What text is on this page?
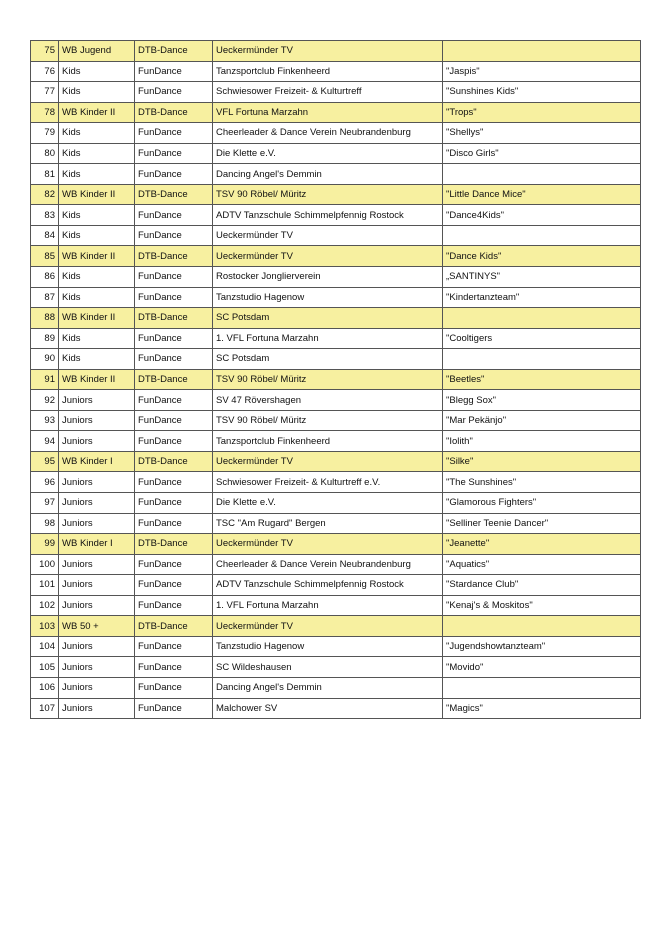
75	WB Jugend	DTB-Dance	Ueckermünder TV	
76	Kids	FunDance	Tanzsportclub Finkenheerd	"Jaspis"
77	Kids	FunDance	Schwiesower Freizeit- & Kulturtreff	"Sunshines Kids"
78	WB Kinder II	DTB-Dance	VFL Fortuna Marzahn	"Trops"
79	Kids	FunDance	Cheerleader & Dance Verein Neubrandenburg	"Shellys"
80	Kids	FunDance	Die Klette e.V.	"Disco Girls"
81	Kids	FunDance	Dancing Angel's Demmin	
82	WB Kinder II	DTB-Dance	TSV 90 Röbel/ Müritz	"Little Dance Mice"
83	Kids	FunDance	ADTV Tanzschule Schimmelpfennig Rostock	"Dance4Kids"
84	Kids	FunDance	Ueckermünder TV	
85	WB Kinder II	DTB-Dance	Ueckermünder TV	"Dance Kids"
86	Kids	FunDance	Rostocker Jonglierverein	„SANTINYS"
87	Kids	FunDance	Tanzstudio Hagenow	"Kindertanzteam"
88	WB Kinder II	DTB-Dance	SC Potsdam	
89	Kids	FunDance	1. VFL Fortuna Marzahn	"Cooltigers
90	Kids	FunDance	SC Potsdam	
91	WB Kinder II	DTB-Dance	TSV 90 Röbel/ Müritz	"Beetles"
92	Juniors	FunDance	SV 47 Rövershagen	"Blegg Sox"
93	Juniors	FunDance	TSV 90 Röbel/ Müritz	"Mar Pekänjo"
94	Juniors	FunDance	Tanzsportclub Finkenheerd	"Iolith"
95	WB Kinder I	DTB-Dance	Ueckermünder TV	"Silke"
96	Juniors	FunDance	Schwiesower Freizeit- & Kulturtreff e.V.	"The Sunshines"
97	Juniors	FunDance	Die Klette e.V.	"Glamorous Fighters"
98	Juniors	FunDance	TSC "Am Rugard" Bergen	"Selliner Teenie Dancer"
99	WB Kinder I	DTB-Dance	Ueckermünder TV	"Jeanette"
100	Juniors	FunDance	Cheerleader & Dance Verein Neubrandenburg	"Aquatics"
101	Juniors	FunDance	ADTV Tanzschule Schimmelpfennig Rostock	"Stardance Club"
102	Juniors	FunDance	1. VFL Fortuna Marzahn	"Kenaj's & Moskitos"
103	WB 50 +	DTB-Dance	Ueckermünder TV	
104	Juniors	FunDance	Tanzstudio Hagenow	"Jugendshowtanzteam"
105	Juniors	FunDance	SC Wildeshausen	"Movido"
106	Juniors	FunDance	Dancing Angel's Demmin	
107	Juniors	FunDance	Malchower SV	"Magics"
